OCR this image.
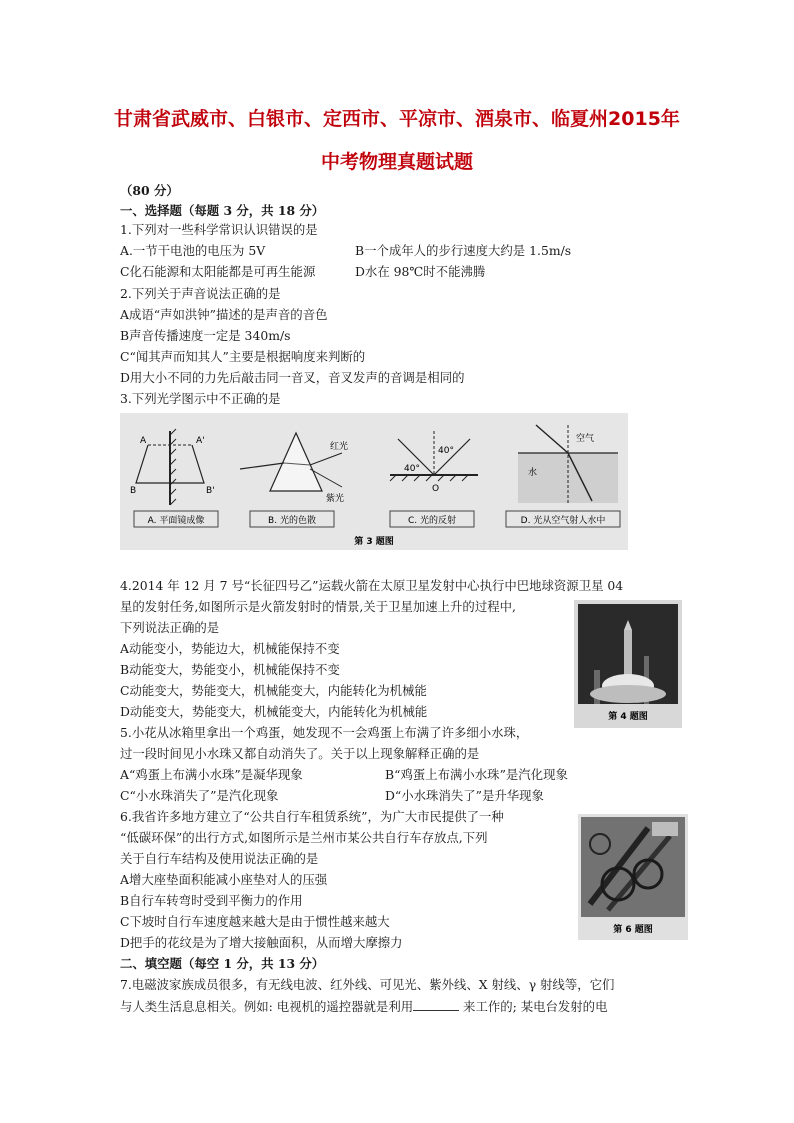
甘肃省武威市、白银市、定西市、平凉市、酒泉市、临夏州2015年
中考物理真题试题
（80 分）
一、选择题（每题 3 分，共 18 分）
1.下列对一些科学常识认识错误的是
A.一节干电池的电压为 5V	B一个成年人的步行速度大约是 1.5m/s
C化石能源和太阳能都是可再生能源	D水在 98℃时不能沸腾
2.下列关于声音说法正确的是
A成语“声如洪钟”描述的是声音的音色
B声音传播速度一定是 340m/s
C“闻其声而知其人”主要是根据响度来判断的
D用大小不同的力先后敲击同一音叉，音叉发声的音调是相同的
3.下列光学图示中不正确的是
A	A'
B	B'
A. 平面镜成像
红光
紫光
B. 光的色散
40°
40°
O
C. 光的反射
空气
水
D. 光从空气射人水中
第 3 题图
4.2014 年 12 月 7 号“长征四号乙”运载火箭在太原卫星发射中心执行中巴地球资源卫星 04
星的发射任务,如图所示是火箭发射时的情景,关于卫星加速上升的过程中,
下列说法正确的是
A动能变小，势能边大，机械能保持不变
B动能变大，势能变小，机械能保持不变
C动能变大，势能变大，机械能变大，内能转化为机械能
D动能变大，势能变大，机械能变大，内能转化为机械能	第 4 题图
5.小花从冰箱里拿出一个鸡蛋，她发现不一会鸡蛋上布满了许多细小水珠，
过一段时间见小水珠又都自动消失了。关于以上现象解释正确的是
A“鸡蛋上布满小水珠”是凝华现象	B“鸡蛋上布满小水珠”是汽化现象
C“小水珠消失了”是汽化现象	D“小水珠消失了”是升华现象
6.我省许多地方建立了“公共自行车租赁系统”，为广大市民提供了一种
“低碳环保”的出行方式,如图所示是兰州市某公共自行车存放点,下列
关于自行车结构及使用说法正确的是
A增大座垫面积能减小座垫对人的压强
B自行车转弯时受到平衡力的作用
C下坡时自行车速度越来越大是由于惯性越来越大
D把手的花纹是为了增大接触面积，从而增大摩擦力
第 6 题图
二、填空题（每空 1 分，共 13 分）
7.电磁波家族成员很多，有无线电波、红外线、可见光、紫外线、X 射线、γ 射线等，它们
与人类生活息息相关。例如: 电视机的遥控器就是利用	来工作的; 某电台发射的电
